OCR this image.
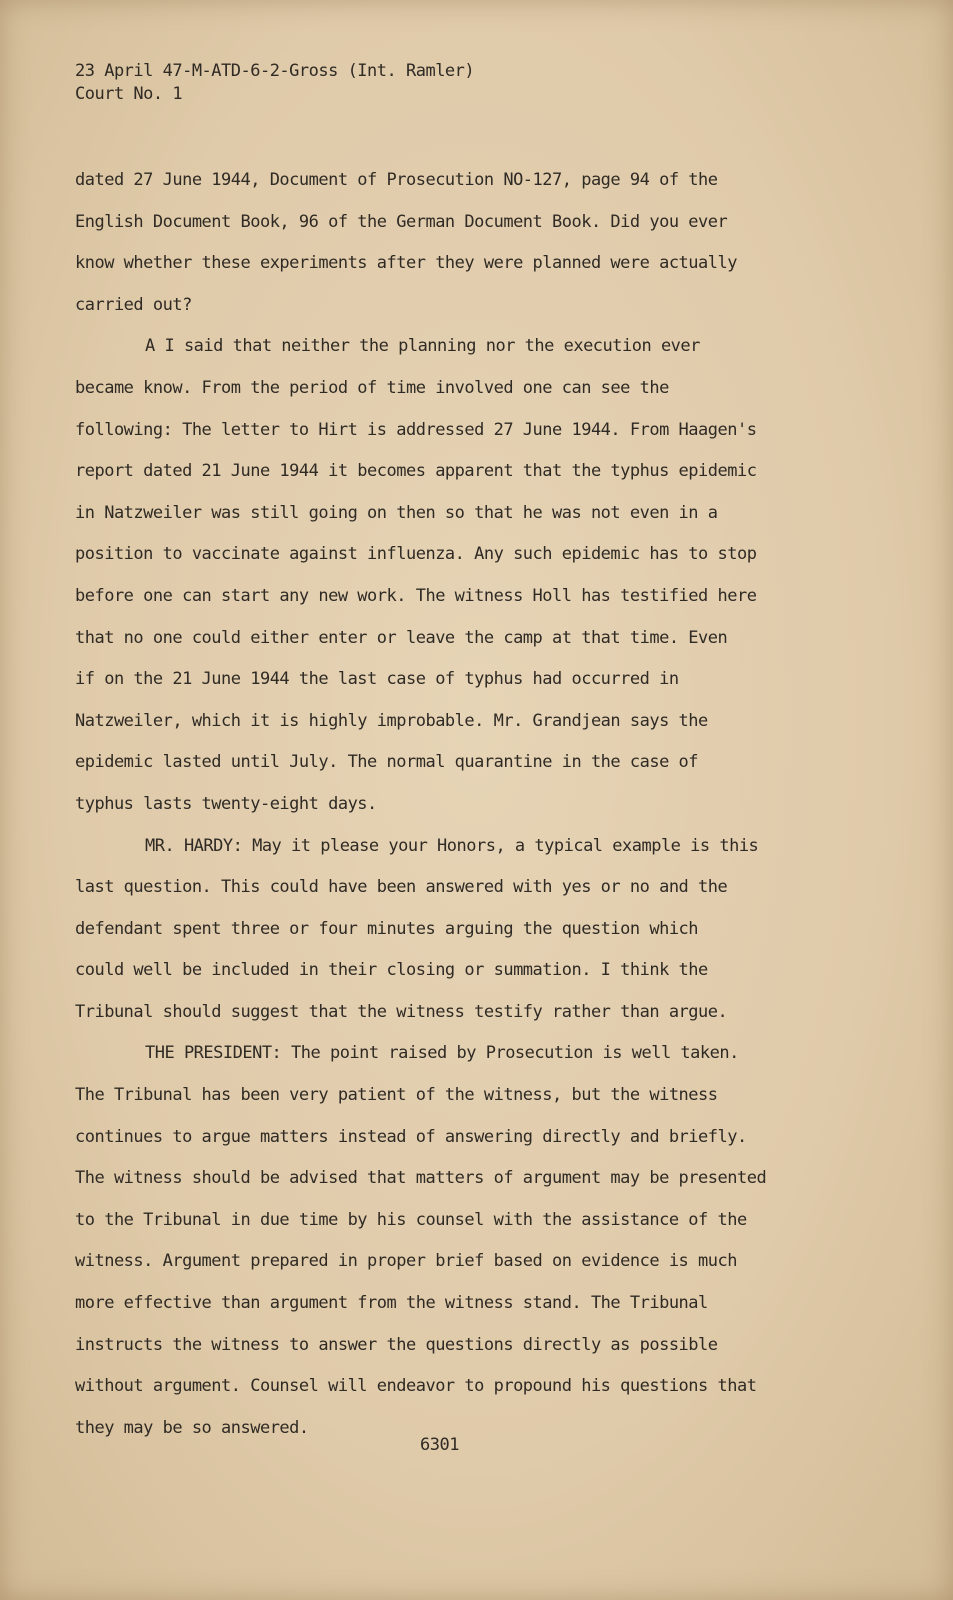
23 April 47-M-ATD-6-2-Gross (Int. Ramler)
Court No. 1
dated 27 June 1944, Document of Prosecution NO-127, page 94 of the
English Document Book, 96 of the German Document Book. Did you ever
know whether these experiments after they were planned were actually
carried out?
A I said that neither the planning nor the execution ever
became know. From the period of time involved one can see the
following: The letter to Hirt is addressed 27 June 1944. From Haagen's
report dated 21 June 1944 it becomes apparent that the typhus epidemic
in Natzweiler was still going on then so that he was not even in a
position to vaccinate against influenza. Any such epidemic has to stop
before one can start any new work. The witness Holl has testified here
that no one could either enter or leave the camp at that time. Even
if on the 21 June 1944 the last case of typhus had occurred in
Natzweiler, which it is highly improbable. Mr. Grandjean says the
epidemic lasted until July. The normal quarantine in the case of
typhus lasts twenty-eight days.
MR. HARDY: May it please your Honors, a typical example is this
last question. This could have been answered with yes or no and the
defendant spent three or four minutes arguing the question which
could well be included in their closing or summation. I think the
Tribunal should suggest that the witness testify rather than argue.
THE PRESIDENT: The point raised by Prosecution is well taken.
The Tribunal has been very patient of the witness, but the witness
continues to argue matters instead of answering directly and briefly.
The witness should be advised that matters of argument may be presented
to the Tribunal in due time by his counsel with the assistance of the
witness. Argument prepared in proper brief based on evidence is much
more effective than argument from the witness stand. The Tribunal
instructs the witness to answer the questions directly as possible
without argument. Counsel will endeavor to propound his questions that
they may be so answered.
6301
